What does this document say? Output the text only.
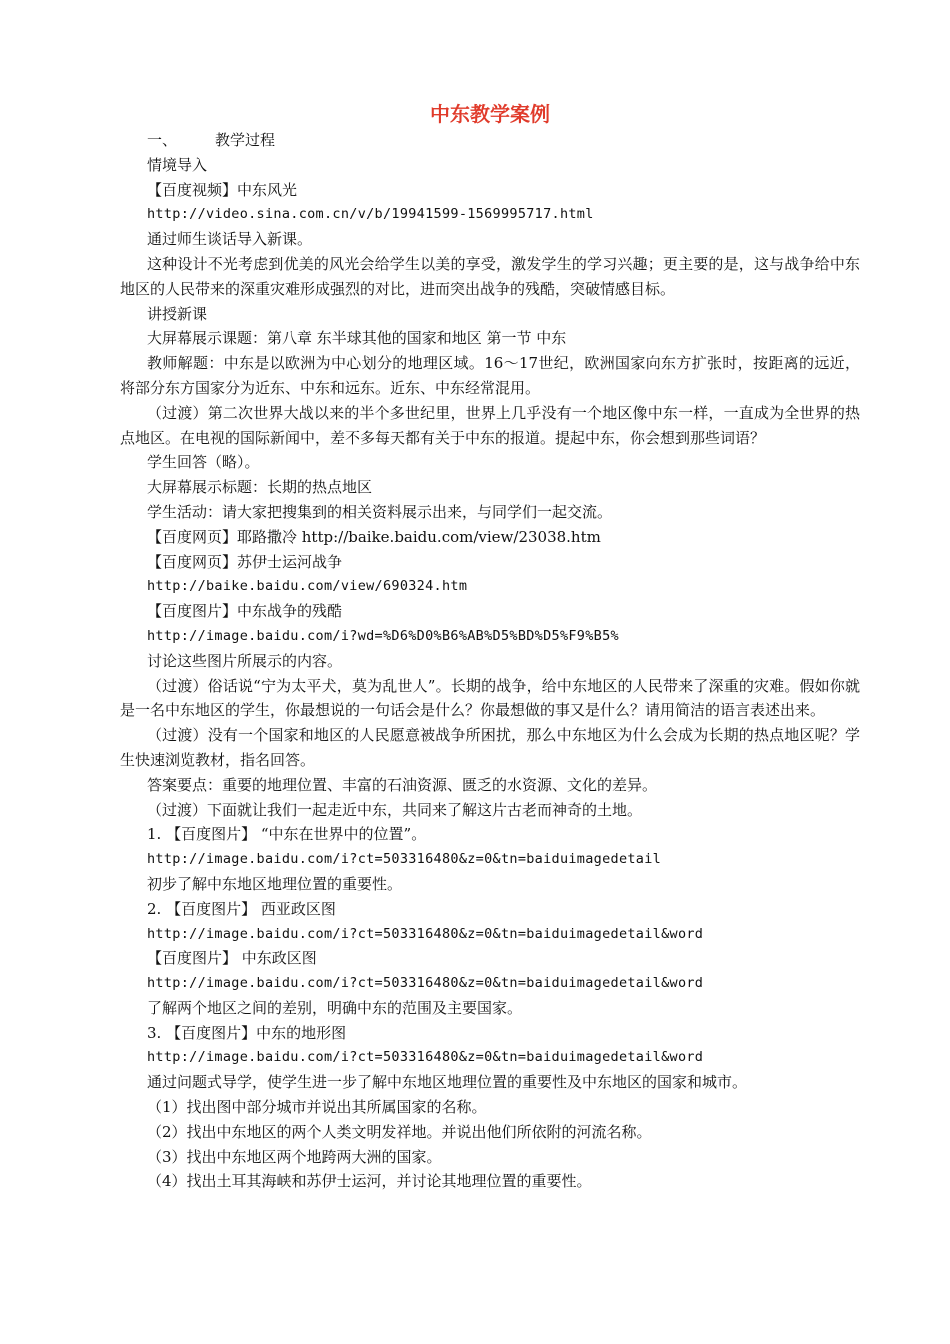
中东教学案例
一、	教学过程
情境导入
【百度视频】中东风光
http://video.sina.com.cn/v/b/19941599-1569995717.html
通过师生谈话导入新课。
这种设计不光考虑到优美的风光会给学生以美的享受，激发学生的学习兴趣；更主要的是，这与战争给中东地区的人民带来的深重灾难形成强烈的对比，进而突出战争的残酷，突破情感目标。
讲授新课
大屏幕展示课题：第八章 东半球其他的国家和地区 第一节 中东
教师解题：中东是以欧洲为中心划分的地理区域。16～17世纪，欧洲国家向东方扩张时，按距离的远近，将部分东方国家分为近东、中东和远东。近东、中东经常混用。
（过渡）第二次世界大战以来的半个多世纪里，世界上几乎没有一个地区像中东一样，一直成为全世界的热点地区。在电视的国际新闻中，差不多每天都有关于中东的报道。提起中东，你会想到那些词语？
学生回答（略）。
大屏幕展示标题：长期的热点地区
学生活动：请大家把搜集到的相关资料展示出来，与同学们一起交流。
【百度网页】耶路撒冷 http://baike.baidu.com/view/23038.htm
【百度网页】苏伊士运河战争
http://baike.baidu.com/view/690324.htm
【百度图片】中东战争的残酷
http://image.baidu.com/i?wd=%D6%D0%B6%AB%D5%BD%D5%F9%B5%
讨论这些图片所展示的内容。
（过渡）俗话说“宁为太平犬，莫为乱世人”。长期的战争，给中东地区的人民带来了深重的灾难。假如你就是一名中东地区的学生，你最想说的一句话会是什么？你最想做的事又是什么？请用简洁的语言表述出来。
（过渡）没有一个国家和地区的人民愿意被战争所困扰，那么中东地区为什么会成为长期的热点地区呢？学生快速浏览教材，指名回答。
答案要点：重要的地理位置、丰富的石油资源、匮乏的水资源、文化的差异。
（过渡）下面就让我们一起走近中东，共同来了解这片古老而神奇的土地。
1. 【百度图片】 “中东在世界中的位置”。
http://image.baidu.com/i?ct=503316480&z=0&tn=baiduimagedetail
初步了解中东地区地理位置的重要性。
2. 【百度图片】 西亚政区图
http://image.baidu.com/i?ct=503316480&z=0&tn=baiduimagedetail&word
【百度图片】 中东政区图
http://image.baidu.com/i?ct=503316480&z=0&tn=baiduimagedetail&word
了解两个地区之间的差别，明确中东的范围及主要国家。
3. 【百度图片】中东的地形图
http://image.baidu.com/i?ct=503316480&z=0&tn=baiduimagedetail&word
通过问题式导学，使学生进一步了解中东地区地理位置的重要性及中东地区的国家和城市。
（1）找出图中部分城市并说出其所属国家的名称。
（2）找出中东地区的两个人类文明发祥地。并说出他们所依附的河流名称。
（3）找出中东地区两个地跨两大洲的国家。
（4）找出土耳其海峡和苏伊士运河，并讨论其地理位置的重要性。
